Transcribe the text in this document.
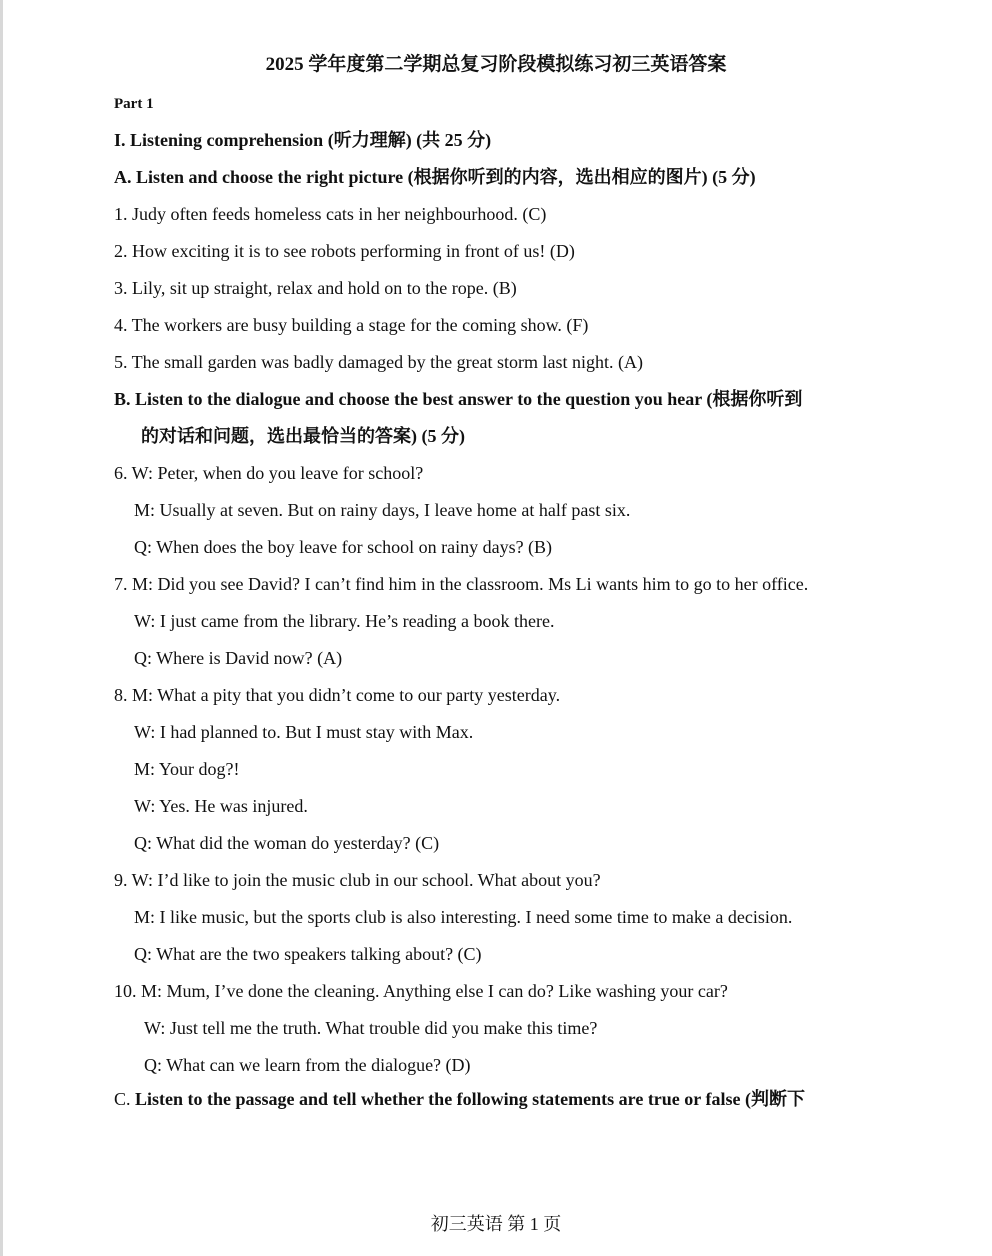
2025 学年度第二学期总复习阶段模拟练习初三英语答案
Part 1
I. Listening comprehension (听力理解) (共 25 分)
A. Listen and choose the right picture (根据你听到的内容，选出相应的图片) (5 分)
1. Judy often feeds homeless cats in her neighbourhood. (C)
2. How exciting it is to see robots performing in front of us! (D)
3. Lily, sit up straight, relax and hold on to the rope. (B)
4. The workers are busy building a stage for the coming show. (F)
5. The small garden was badly damaged by the great storm last night. (A)
B. Listen to the dialogue and choose the best answer to the question you hear (根据你听到
的对话和问题，选出最恰当的答案) (5 分)
6. W: Peter, when do you leave for school?
M: Usually at seven. But on rainy days, I leave home at half past six.
Q: When does the boy leave for school on rainy days? (B)
7. M: Did you see David? I can’t find him in the classroom. Ms Li wants him to go to her office.
W: I just came from the library. He’s reading a book there.
Q: Where is David now? (A)
8. M: What a pity that you didn’t come to our party yesterday.
W: I had planned to. But I must stay with Max.
M: Your dog?!
W: Yes. He was injured.
Q: What did the woman do yesterday? (C)
9. W: I’d like to join the music club in our school. What about you?
M: I like music, but the sports club is also interesting. I need some time to make a decision.
Q: What are the two speakers talking about? (C)
10. M: Mum, I’ve done the cleaning. Anything else I can do? Like washing your car?
W: Just tell me the truth. What trouble did you make this time?
Q: What can we learn from the dialogue? (D)
C. Listen to the passage and tell whether the following statements are true or false (判断下
初三英语 第 1 页
